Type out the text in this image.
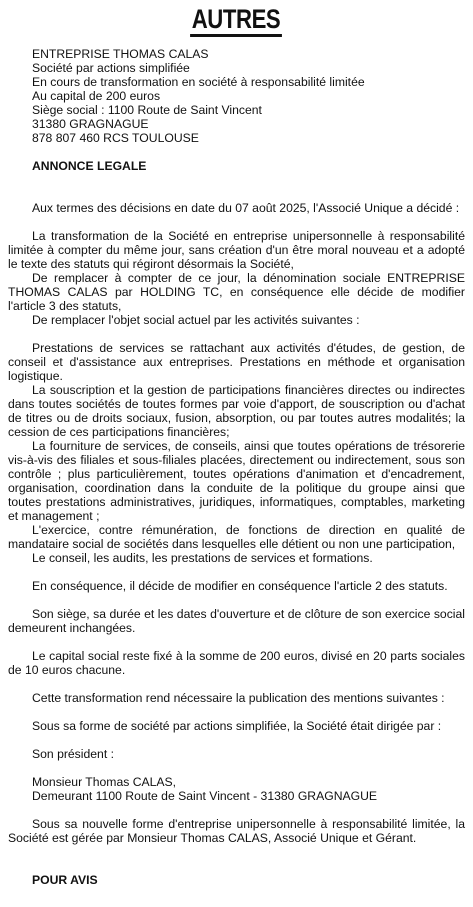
AUTRES
ENTREPRISE THOMAS CALAS
Société par actions simplifiée
En cours de transformation en société à responsabilité limitée
Au capital de 200 euros
Siège social : 1100 Route de Saint Vincent
31380 GRAGNAGUE
878 807 460 RCS TOULOUSE
ANNONCE LEGALE

Aux termes des décisions en date du 07 août 2025, l'Associé Unique a décidé :

La transformation de la Société en entreprise unipersonnelle à responsabilité limitée à compter du même jour, sans création d'un être moral nouveau et a adopté le texte des statuts qui régiront désormais la Société,

De remplacer à compter de ce jour, la dénomination sociale ENTREPRISE THOMAS CALAS par HOLDING TC, en conséquence elle décide de modifier l'article 3 des statuts,

De remplacer l'objet social actuel par les activités suivantes :

Prestations de services se rattachant aux activités d'études, de gestion, de conseil et d'assistance aux entreprises. Prestations en méthode et organisation logistique.

La souscription et la gestion de participations financières directes ou indirectes dans toutes sociétés de toutes formes par voie d'apport, de souscription ou d'achat de titres ou de droits sociaux, fusion, absorption, ou par toutes autres modalités; la cession de ces participations financières;

La fourniture de services, de conseils, ainsi que toutes opérations de trésorerie vis-à-vis des filiales et sous-filiales placées, directement ou indirectement, sous son contrôle ; plus particulièrement, toutes opérations d'animation et d'encadrement, organisation, coordination dans la conduite de la politique du groupe ainsi que toutes prestations administratives, juridiques, informatiques, comptables, marketing et management ;

L'exercice, contre rémunération, de fonctions de direction en qualité de mandataire social de sociétés dans lesquelles elle détient ou non une participation,

Le conseil, les audits, les prestations de services et formations.

En conséquence, il décide de modifier en conséquence l'article 2 des statuts.

Son siège, sa durée et les dates d'ouverture et de clôture de son exercice social demeurent inchangées.

Le capital social reste fixé à la somme de 200 euros, divisé en 20 parts sociales de 10 euros chacune.

Cette transformation rend nécessaire la publication des mentions suivantes :

Sous sa forme de société par actions simplifiée, la Société était dirigée par :

Son président :

Monsieur Thomas CALAS,
Demeurant 1100 Route de Saint Vincent - 31380 GRAGNAGUE

Sous sa nouvelle forme d'entreprise unipersonnelle à responsabilité limitée, la Société est gérée par Monsieur Thomas CALAS, Associé Unique et Gérant.

POUR AVIS
